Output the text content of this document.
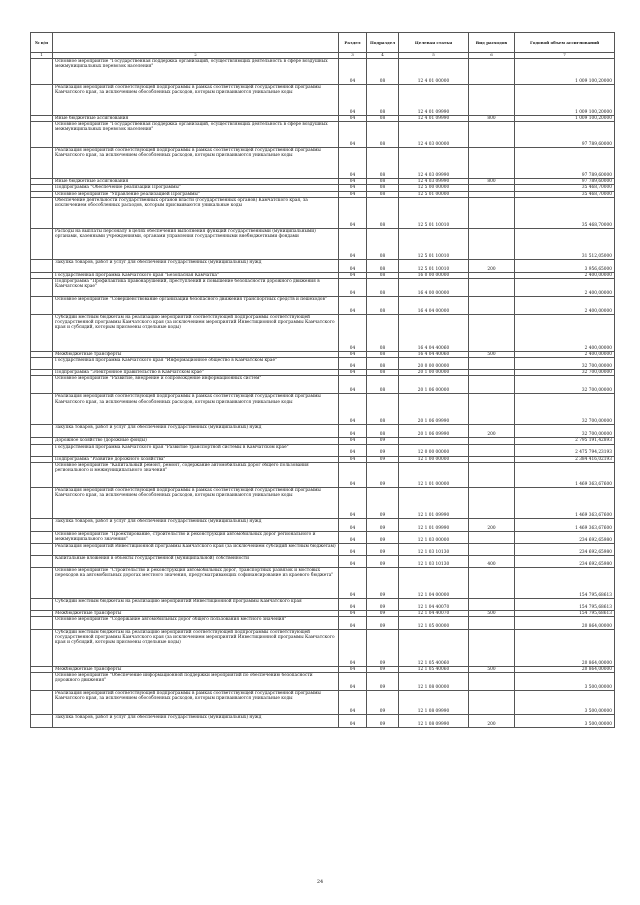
№ п/п		Раздел	Подраздел	Целевая статья	Вид расходов	Годовой объем ассигнований
1	2	3	4	5	6	7
	Основное мероприятие "Государственная поддержка организаций, осуществляющих деятельность в сфере воздушных межмуниципальных перевозок населения"	04	08	12 4 01 00000		1 009 100,20000
	Реализация мероприятий соответствующей подпрограммы в рамках соответствующей государственной программы Камчатского края, за исключением обособленных расходов, которым присваиваются уникальные коды	04	08	12 4 01 09990		1 009 100,20000
	Иные бюджетные ассигнования	04	08	12 4 01 09990	800	1 009 100,20000
	Основное мероприятие "Государственная поддержка организаций, осуществляющих деятельность в сфере воздушных межмуниципальных перевозок населения"	04	08	12 4 03 00000		97 789,60000
	Реализация мероприятий соответствующей подпрограммы в рамках соответствующей государственной программы Камчатского края, за исключением обособленных расходов, которым присваиваются уникальные коды	04	08	12 4 03 09990		97 789,60000
	Иные бюджетные ассигнования	04	08	12 4 03 09990	800	97 789,60000
	Подпрограмма "Обеспечение реализации Программы"	04	08	12 5 00 00000		35 468,70000
	Основное мероприятие "Управление реализацией Программы"	04	08	12 5 01 00000		35 468,70000
	Обеспечение деятельности государственных органов власти (государственных органов) Камчатского края, за исключением обособленных расходов, которым присваиваются уникальные коды	04	08	12 5 01 10010		35 468,70000
	Расходы на выплаты персоналу в целях обеспечения выполнения функций государственными (муниципальными) органами, казенными учреждениями, органами управления государственными внебюджетными фондами	04	08	12 5 01 10010		31 512,05000
	Закупка товаров, работ и услуг для обеспечения государственных (муниципальных) нужд	04	08	12 5 01 10010	200	3 956,65000
	Государственная программа Камчатского края "Безопасная Камчатка"	04	08	16 0 00 00000		2 400,00000
	Подпрограмма "Профилактика правонарушений, преступлений и повышение безопасности дорожного движения в Камчатском крае"	04	08	16 4 00 00000		2 400,00000
	Основное мероприятие "Совершенствование организации безопасного движения транспортных средств и пешеходов"	04	08	16 4 04 00000		2 400,00000
	Субсидии местным бюджетам на реализацию мероприятий соответствующей подпрограммы соответствующей государственной программы Камчатского края (за исключением мероприятий Инвестиционной программы Камчатского края и субсидий, которым присвоены отдельные коды)	04	08	16 4 04 40060		2 400,00000
	Межбюджетные трансферты	04	08	16 4 04 40060	500	2 400,00000
	Государственная программа Камчатского края "Информационное общество в Камчатском крае"	04	08	20 0 00 00000		32 700,00000
	Подпрограмма "Электронное правительство в Камчатском крае"	04	08	20 1 00 00000		32 700,00000
	Основное мероприятие "Развитие, внедрение и сопровождение информационных систем"	04	08	20 1 06 00000		32 700,00000
	Реализация мероприятий соответствующей подпрограммы в рамках соответствующей государственной программы Камчатского края, за исключением обособленных расходов, которым присваиваются уникальные коды	04	08	20 1 06 09990		32 700,00000
	Закупка товаров, работ и услуг для обеспечения государственных (муниципальных) нужд	04	08	20 1 06 09990	200	32 700,00000
	Дорожное хозяйство (дорожные фонды)	04	09			2 795 191,42893
	Государственная программа Камчатского края "Развитие транспортной системы в Камчатском крае"	04	09	12 0 00 00000		2 475 794,23193
	Подпрограмма "Развитие дорожного хозяйства"	04	09	12 1 00 00000		2 384 416,02193
	Основное мероприятие "Капитальный ремонт, ремонт, содержание автомобильных дорог общего пользования регионального и межмуниципального значения"	04	09	12 1 01 00000		1 469 363,67600
	Реализация мероприятий соответствующей подпрограммы в рамках соответствующей государственной программы Камчатского края, за исключением обособленных расходов, которым присваиваются уникальные коды	04	09	12 1 01 09990		1 469 363,67600
	Закупка товаров, работ и услуг для обеспечения государственных (муниципальных) нужд	04	09	12 1 01 09990	200	1 469 363,67600
	Основное мероприятие "Проектирование, строительство и реконструкция автомобильных дорог регионального и межмуниципального значения"	04	09	12 1 03 00000		234 692,65980
	Реализация мероприятий Инвестиционной программы Камчатского края (за исключением субсидий местным бюджетам)	04	09	12 1 03 10130		234 692,65980
	Капитальные вложения в объекты государственной (муниципальной) собственности	04	09	12 1 03 10130	400	234 692,65980
	Основное мероприятие "Строительство и реконструкция автомобильных дорог, транспортных развязок и мостовых переходов на автомобильных дорогах местного значения, предусматривающих софинансирование из краевого бюджета"	04	09	12 1 04 00000		154 795,68613
	Субсидии местным бюджетам на реализацию мероприятий Инвестиционной программы Камчатского края	04	09	12 1 04 40070		154 795,68613
	Межбюджетные трансферты	04	09	12 1 04 40070	500	154 795,68613
	Основное мероприятие "Содержание автомобильных дорог общего пользования местного значения"	04	09	12 1 05 00000		20 864,00000
	Субсидии местным бюджетам на реализацию мероприятий соответствующей подпрограммы соответствующей государственной программы Камчатского края (за исключением мероприятий Инвестиционной программы Камчатского края и субсидий, которым присвоены отдельные коды)	04	09	12 1 05 40060		20 864,00000
	Межбюджетные трансферты	04	09	12 1 05 40060	500	20 864,00000
	Основное мероприятие "Обеспечение информационной поддержки мероприятий по обеспечению безопасности дорожного движения"	04	09	12 1 08 00000		3 500,00000
	Реализация мероприятий соответствующей подпрограммы в рамках соответствующей государственной программы Камчатского края, за исключением обособленных расходов, которым присваиваются уникальные коды	04	09	12 1 08 09990		3 500,00000
	Закупка товаров, работ и услуг для обеспечения государственных (муниципальных) нужд	04	09	12 1 08 09990	200	3 500,00000
24
